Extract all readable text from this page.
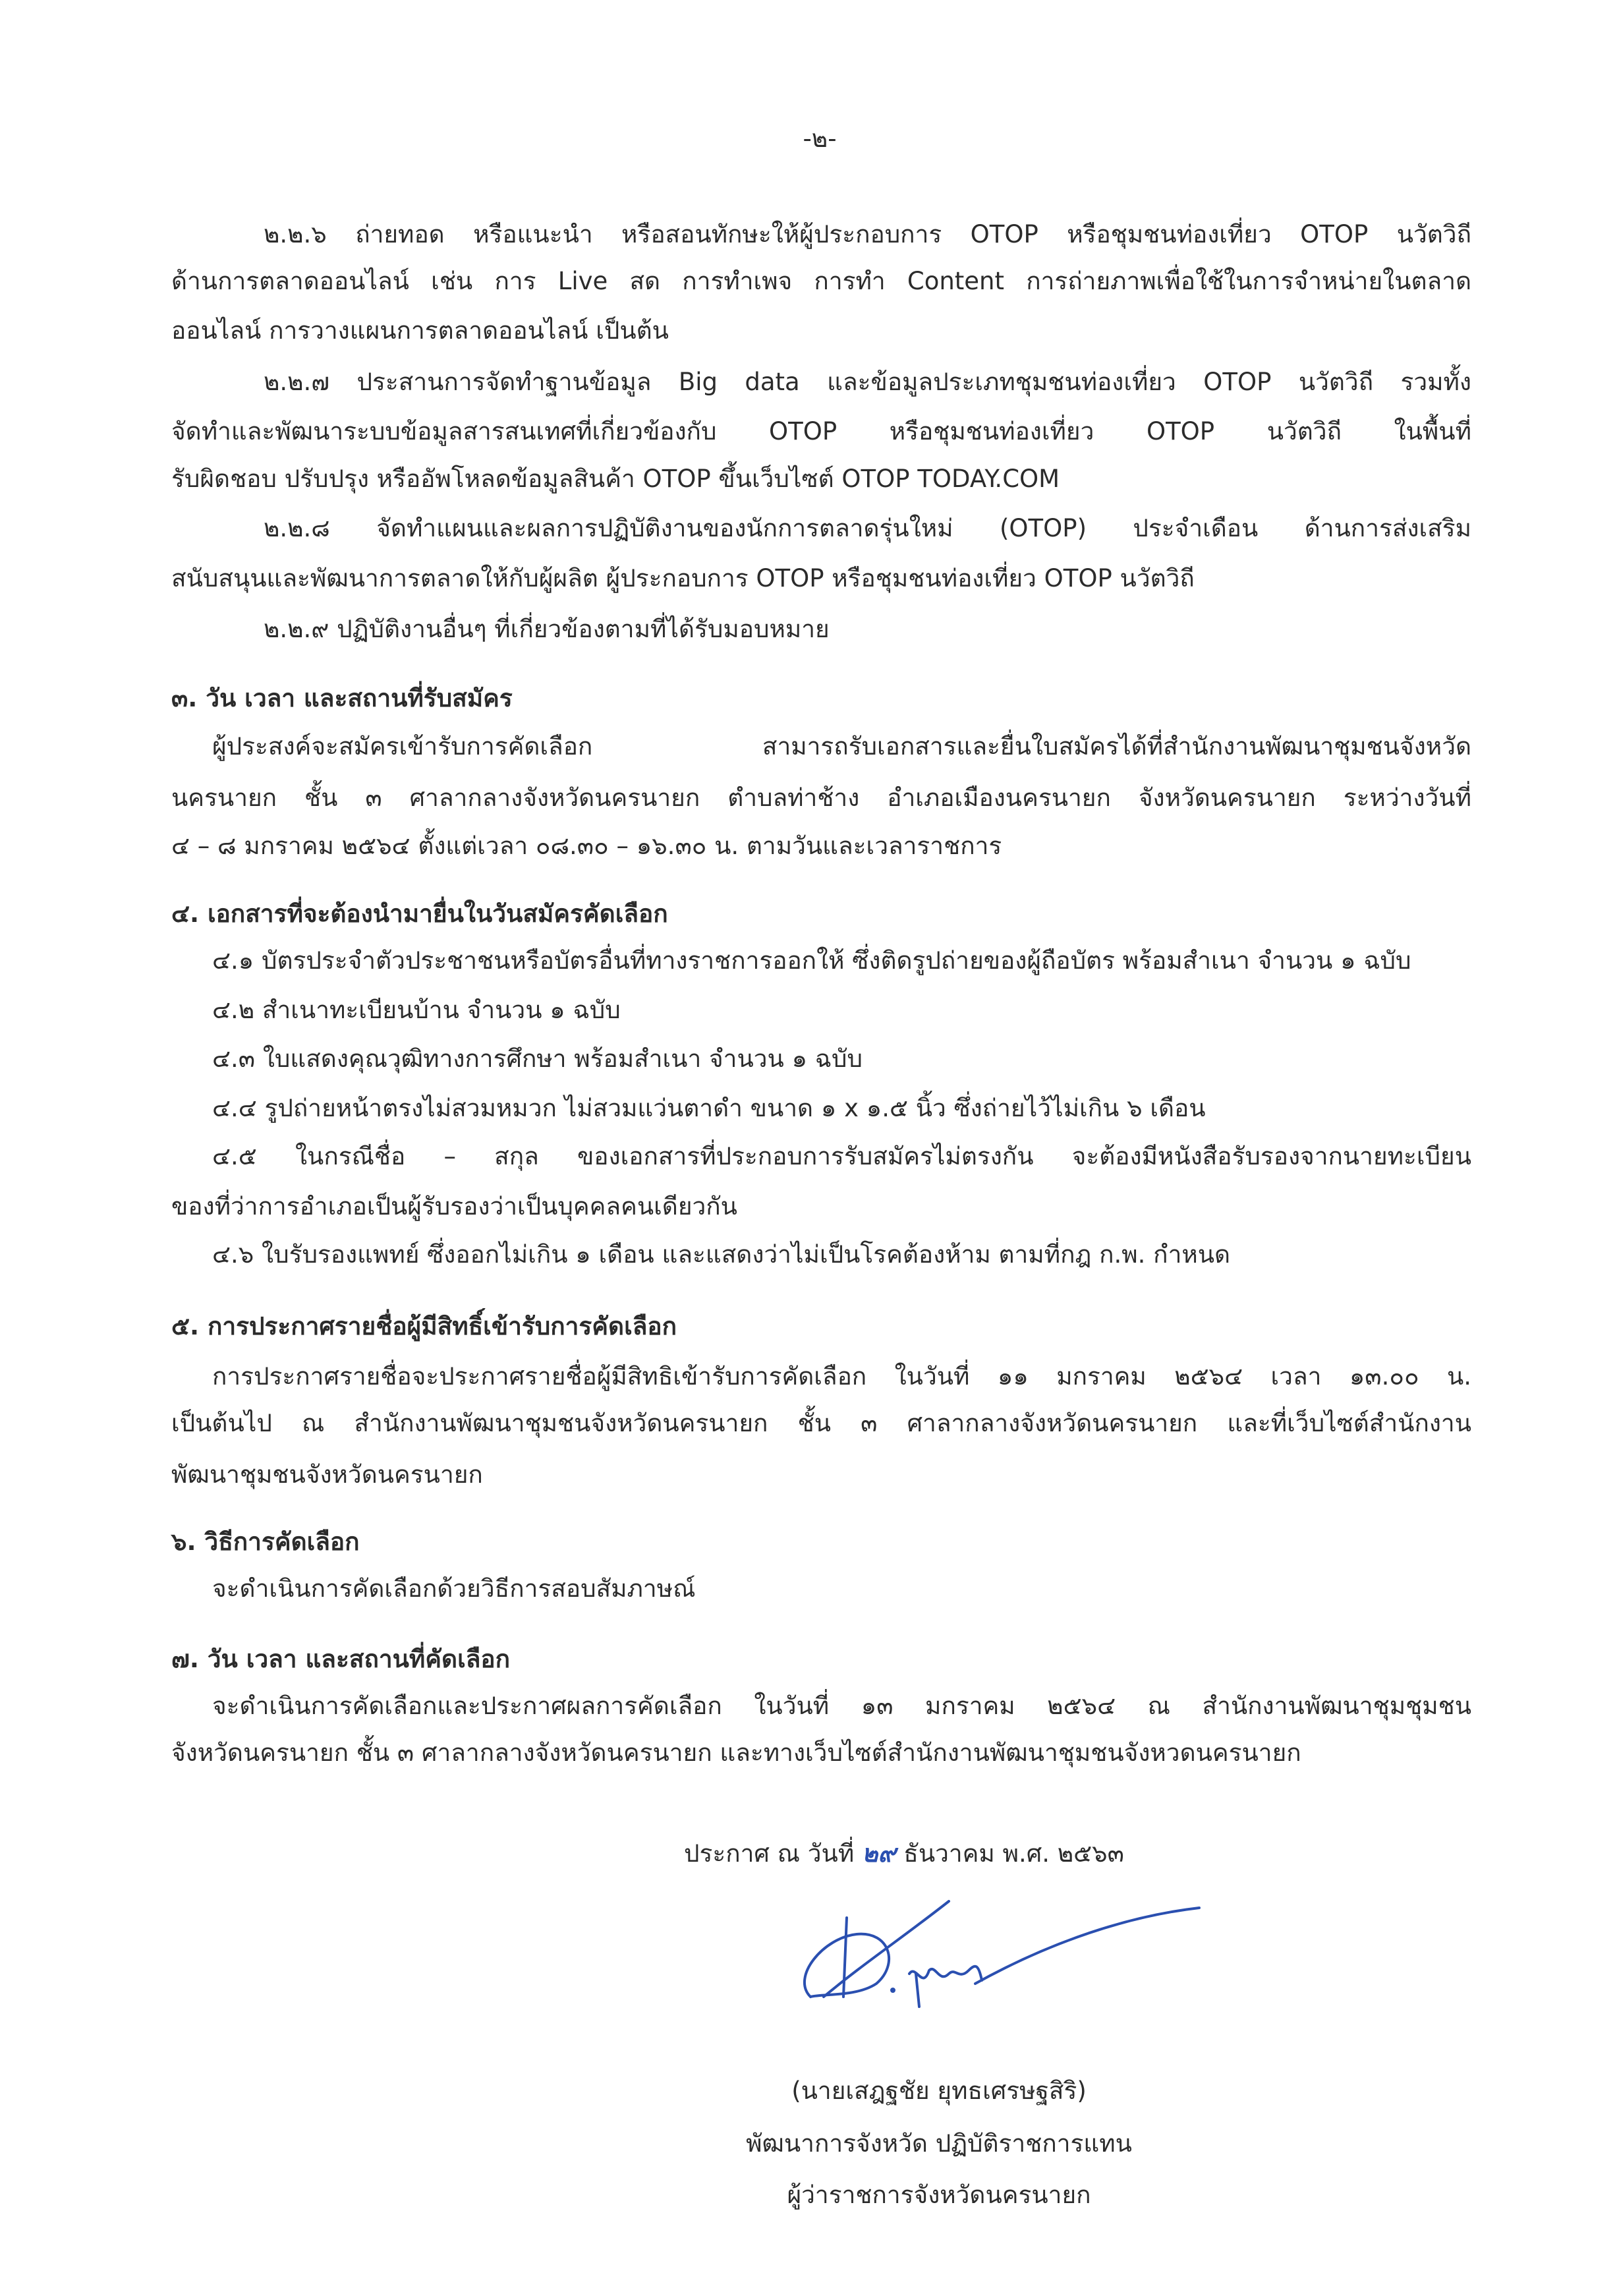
-๒-
๒.๒.๖ ถ่ายทอด หรือแนะนำ หรือสอนทักษะให้ผู้ประกอบการ OTOP หรือชุมชนท่องเที่ยว OTOP นวัตวิถี
ด้านการตลาดออนไลน์ เช่น การ Live สด การทำเพจ การทำ Content การถ่ายภาพเพื่อใช้ในการจำหน่ายในตลาด
ออนไลน์ การวางแผนการตลาดออนไลน์ เป็นต้น
๒.๒.๗ ประสานการจัดทำฐานข้อมูล Big data และข้อมูลประเภทชุมชนท่องเที่ยว OTOP นวัตวิถี รวมทั้ง
จัดทำและพัฒนาระบบข้อมูลสารสนเทศที่เกี่ยวข้องกับ OTOP หรือชุมชนท่องเที่ยว OTOP นวัตวิถี ในพื้นที่
รับผิดชอบ ปรับปรุง หรืออัพโหลดข้อมูลสินค้า OTOP ขึ้นเว็บไซต์ OTOP TODAY.COM
๒.๒.๘ จัดทำแผนและผลการปฏิบัติงานของนักการตลาดรุ่นใหม่ (OTOP) ประจำเดือน ด้านการส่งเสริม
สนับสนุนและพัฒนาการตลาดให้กับผู้ผลิต ผู้ประกอบการ OTOP หรือชุมชนท่องเที่ยว OTOP นวัตวิถี
๒.๒.๙ ปฏิบัติงานอื่นๆ ที่เกี่ยวข้องตามที่ได้รับมอบหมาย
๓. วัน เวลา และสถานที่รับสมัคร
ผู้ประสงค์จะสมัครเข้ารับการคัดเลือก สามารถรับเอกสารและยื่นใบสมัครได้ที่สำนักงานพัฒนาชุมชนจังหวัด
นครนายก ชั้น ๓ ศาลากลางจังหวัดนครนายก ตำบลท่าช้าง อำเภอเมืองนครนายก จังหวัดนครนายก ระหว่างวันที่
๔ – ๘ มกราคม ๒๕๖๔ ตั้งแต่เวลา ๐๘.๓๐ – ๑๖.๓๐ น. ตามวันและเวลาราชการ
๔. เอกสารที่จะต้องนำมายื่นในวันสมัครคัดเลือก
๔.๑ บัตรประจำตัวประชาชนหรือบัตรอื่นที่ทางราชการออกให้ ซึ่งติดรูปถ่ายของผู้ถือบัตร พร้อมสำเนา จำนวน ๑ ฉบับ
๔.๒ สำเนาทะเบียนบ้าน จำนวน ๑ ฉบับ
๔.๓ ใบแสดงคุณวุฒิทางการศึกษา พร้อมสำเนา จำนวน ๑ ฉบับ
๔.๔ รูปถ่ายหน้าตรงไม่สวมหมวก ไม่สวมแว่นตาดำ ขนาด ๑ x ๑.๕ นิ้ว ซึ่งถ่ายไว้ไม่เกิน ๖ เดือน
๔.๕ ในกรณีชื่อ – สกุล ของเอกสารที่ประกอบการรับสมัครไม่ตรงกัน จะต้องมีหนังสือรับรองจากนายทะเบียน
ของที่ว่าการอำเภอเป็นผู้รับรองว่าเป็นบุคคลคนเดียวกัน
๔.๖ ใบรับรองแพทย์ ซึ่งออกไม่เกิน ๑ เดือน และแสดงว่าไม่เป็นโรคต้องห้าม ตามที่กฎ ก.พ. กำหนด
๕. การประกาศรายชื่อผู้มีสิทธิ์เข้ารับการคัดเลือก
การประกาศรายชื่อจะประกาศรายชื่อผู้มีสิทธิเข้ารับการคัดเลือก ในวันที่ ๑๑ มกราคม ๒๕๖๔ เวลา ๑๓.๐๐ น.
เป็นต้นไป ณ สำนักงานพัฒนาชุมชนจังหวัดนครนายก ชั้น ๓ ศาลากลางจังหวัดนครนายก และที่เว็บไซต์สำนักงาน
พัฒนาชุมชนจังหวัดนครนายก
๖. วิธีการคัดเลือก
จะดำเนินการคัดเลือกด้วยวิธีการสอบสัมภาษณ์
๗. วัน เวลา และสถานที่คัดเลือก
จะดำเนินการคัดเลือกและประกาศผลการคัดเลือก ในวันที่ ๑๓ มกราคม ๒๕๖๔ ณ สำนักงานพัฒนาชุมชุมชน
จังหวัดนครนายก ชั้น ๓ ศาลากลางจังหวัดนครนายก และทางเว็บไซต์สำนักงานพัฒนาชุมชนจังหวดนครนายก
ประกาศ ณ วันที่ ๒๙ ธันวาคม พ.ศ. ๒๕๖๓
(นายเสฎฐชัย ยุทธเศรษฐสิริ)
พัฒนาการจังหวัด ปฏิบัติราชการแทน
ผู้ว่าราชการจังหวัดนครนายก
